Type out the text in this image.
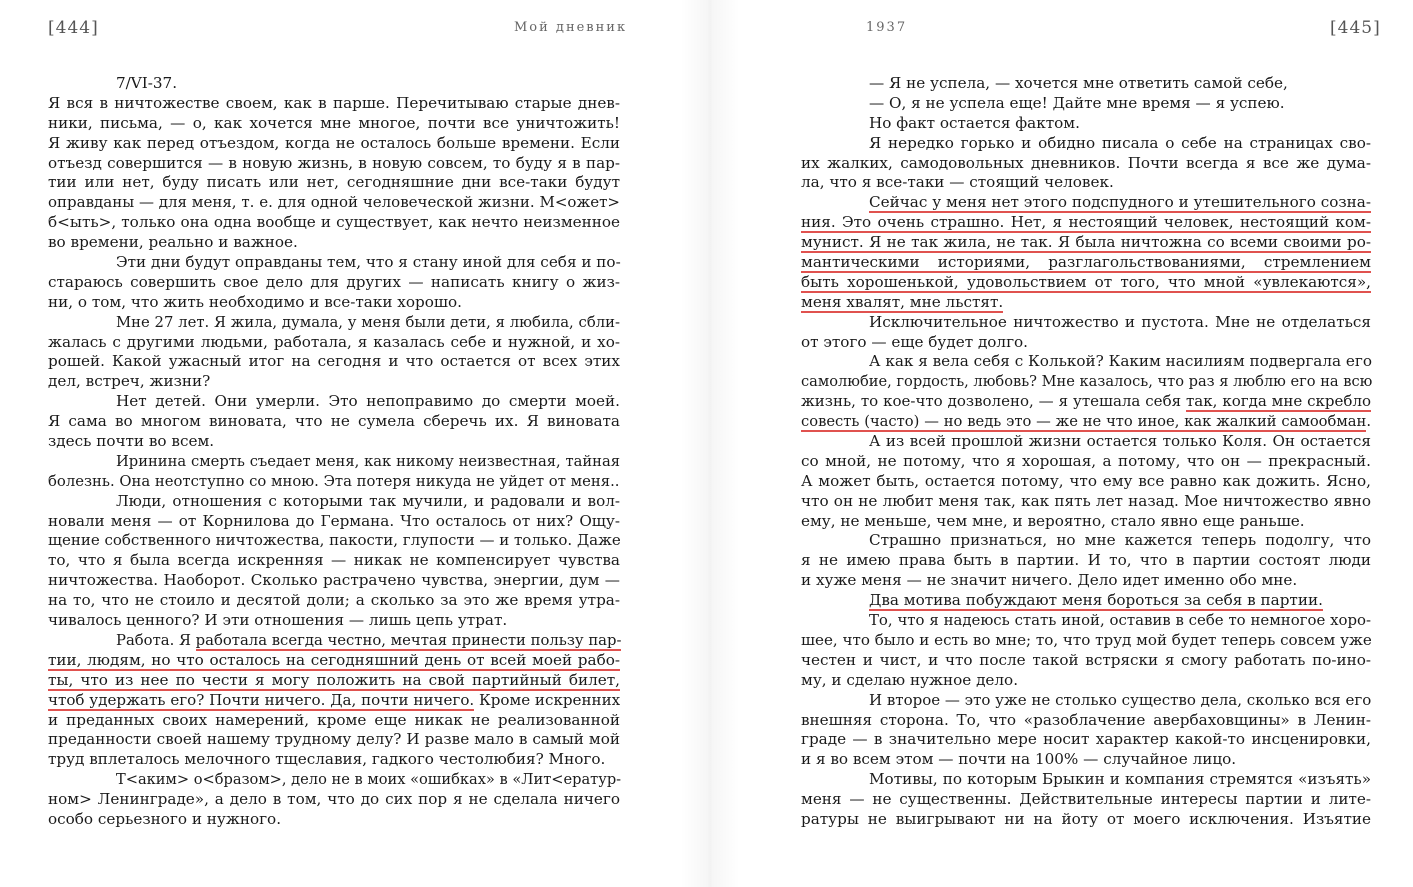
[444]	Мой дневник
7/VI-37.
Я вся в ничтожестве своем, как в парше. Перечитываю старые днев-
ники, письма, — о, как хочется мне многое, почти все уничтожить!
Я живу как перед отъездом, когда не осталось больше времени. Если
отъезд совершится — в новую жизнь, в новую совсем, то буду я в пар-
тии или нет, буду писать или нет, сегодняшние дни все-таки будут
оправданы — для меня, т. е. для одной человеческой жизни. М<ожет>
б<ыть>, только она одна вообще и существует, как нечто неизменное
во времени, реально и важное.
Эти дни будут оправданы тем, что я стану иной для себя и по-
стараюсь совершить свое дело для других — написать книгу о жиз-
ни, о том, что жить необходимо и все-таки хорошо.
Мне 27 лет. Я жила, думала, у меня были дети, я любила, сбли-
жалась с другими людьми, работала, я казалась себе и нужной, и хо-
рошей. Какой ужасный итог на сегодня и что остается от всех этих
дел, встреч, жизни?
Нет детей. Они умерли. Это непоправимо до смерти моей.
Я сама во многом виновата, что не сумела сберечь их. Я виновата
здесь почти во всем.
Иринина смерть съедает меня, как никому неизвестная, тайная
болезнь. Она неотступно со мною. Эта потеря никуда не уйдет от меня..
Люди, отношения с которыми так мучили, и радовали и вол-
новали меня — от Корнилова до Германа. Что осталось от них? Ощу-
щение собственного ничтожества, пакости, глупости — и только. Даже
то, что я была всегда искренняя — никак не компенсирует чувства
ничтожества. Наоборот. Сколько растрачено чувства, энергии, дум —
на то, что не стоило и десятой доли; а сколько за это же время утра-
чивалось ценного? И эти отношения — лишь цепь утрат.
Работа. Я работала всегда честно, мечтая принести пользу пар-
тии, людям, но что осталось на сегодняшний день от всей моей рабо-
ты, что из нее по чести я могу положить на свой партийный билет,
чтоб удержать его? Почти ничего. Да, почти ничего. Кроме искренних
и преданных своих намерений, кроме еще никак не реализованной
преданности своей нашему трудному делу? И разве мало в самый мой
труд вплеталось мелочного тщеславия, гадкого честолюбия? Много.
Т<аким> о<бразом>, дело не в моих «ошибках» в «Лит<ератур-
ном> Ленинграде», а дело в том, что до сих пор я не сделала ничего
особо серьезного и нужного.
1937	[445]
— Я не успела, — хочется мне ответить самой себе,
— О, я не успела еще! Дайте мне время — я успею.
Но факт остается фактом.
Я нередко горько и обидно писала о себе на страницах сво-
их жалких, самодовольных дневников. Почти всегда я все же дума-
ла, что я все-таки — стоящий человек.
Сейчас у меня нет этого подспудного и утешительного созна-
ния. Это очень страшно. Нет, я нестоящий человек, нестоящий ком-
мунист. Я не так жила, не так. Я была ничтожна со всеми своими ро-
мантическими историями, разглагольствованиями, стремлением
быть хорошенькой, удовольствием от того, что мной «увлекаются»,
меня хвалят, мне льстят.
Исключительное ничтожество и пустота. Мне не отделаться
от этого — еще будет долго.
А как я вела себя с Колькой? Каким насилиям подвергала его
самолюбие, гордость, любовь? Мне казалось, что раз я люблю его на всю
жизнь, то кое-что дозволено, — я утешала себя так, когда мне скребло
совесть (часто) — но ведь это — же не что иное, как жалкий самообман.
А из всей прошлой жизни остается только Коля. Он остается
со мной, не потому, что я хорошая, а потому, что он — прекрасный.
А может быть, остается потому, что ему все равно как дожить. Ясно,
что он не любит меня так, как пять лет назад. Мое ничтожество явно
ему, не меньше, чем мне, и вероятно, стало явно еще раньше.
Страшно признаться, но мне кажется теперь подолгу, что
я не имею права быть в партии. И то, что в партии состоят люди
и хуже меня — не значит ничего. Дело идет именно обо мне.
Два мотива побуждают меня бороться за себя в партии.
То, что я надеюсь стать иной, оставив в себе то немногое хоро-
шее, что было и есть во мне; то, что труд мой будет теперь совсем уже
честен и чист, и что после такой встряски я смогу работать по-ино-
му, и сделаю нужное дело.
И второе — это уже не столько существо дела, сколько вся его
внешняя сторона. То, что «разоблачение авербаховщины» в Ленин-
граде — в значительно мере носит характер какой-то инсценировки,
и я во всем этом — почти на 100% — случайное лицо.
Мотивы, по которым Брыкин и компания стремятся «изъять»
меня — не существенны. Действительные интересы партии и лите-
ратуры не выигрывают ни на йоту от моего исключения. Изъятие
